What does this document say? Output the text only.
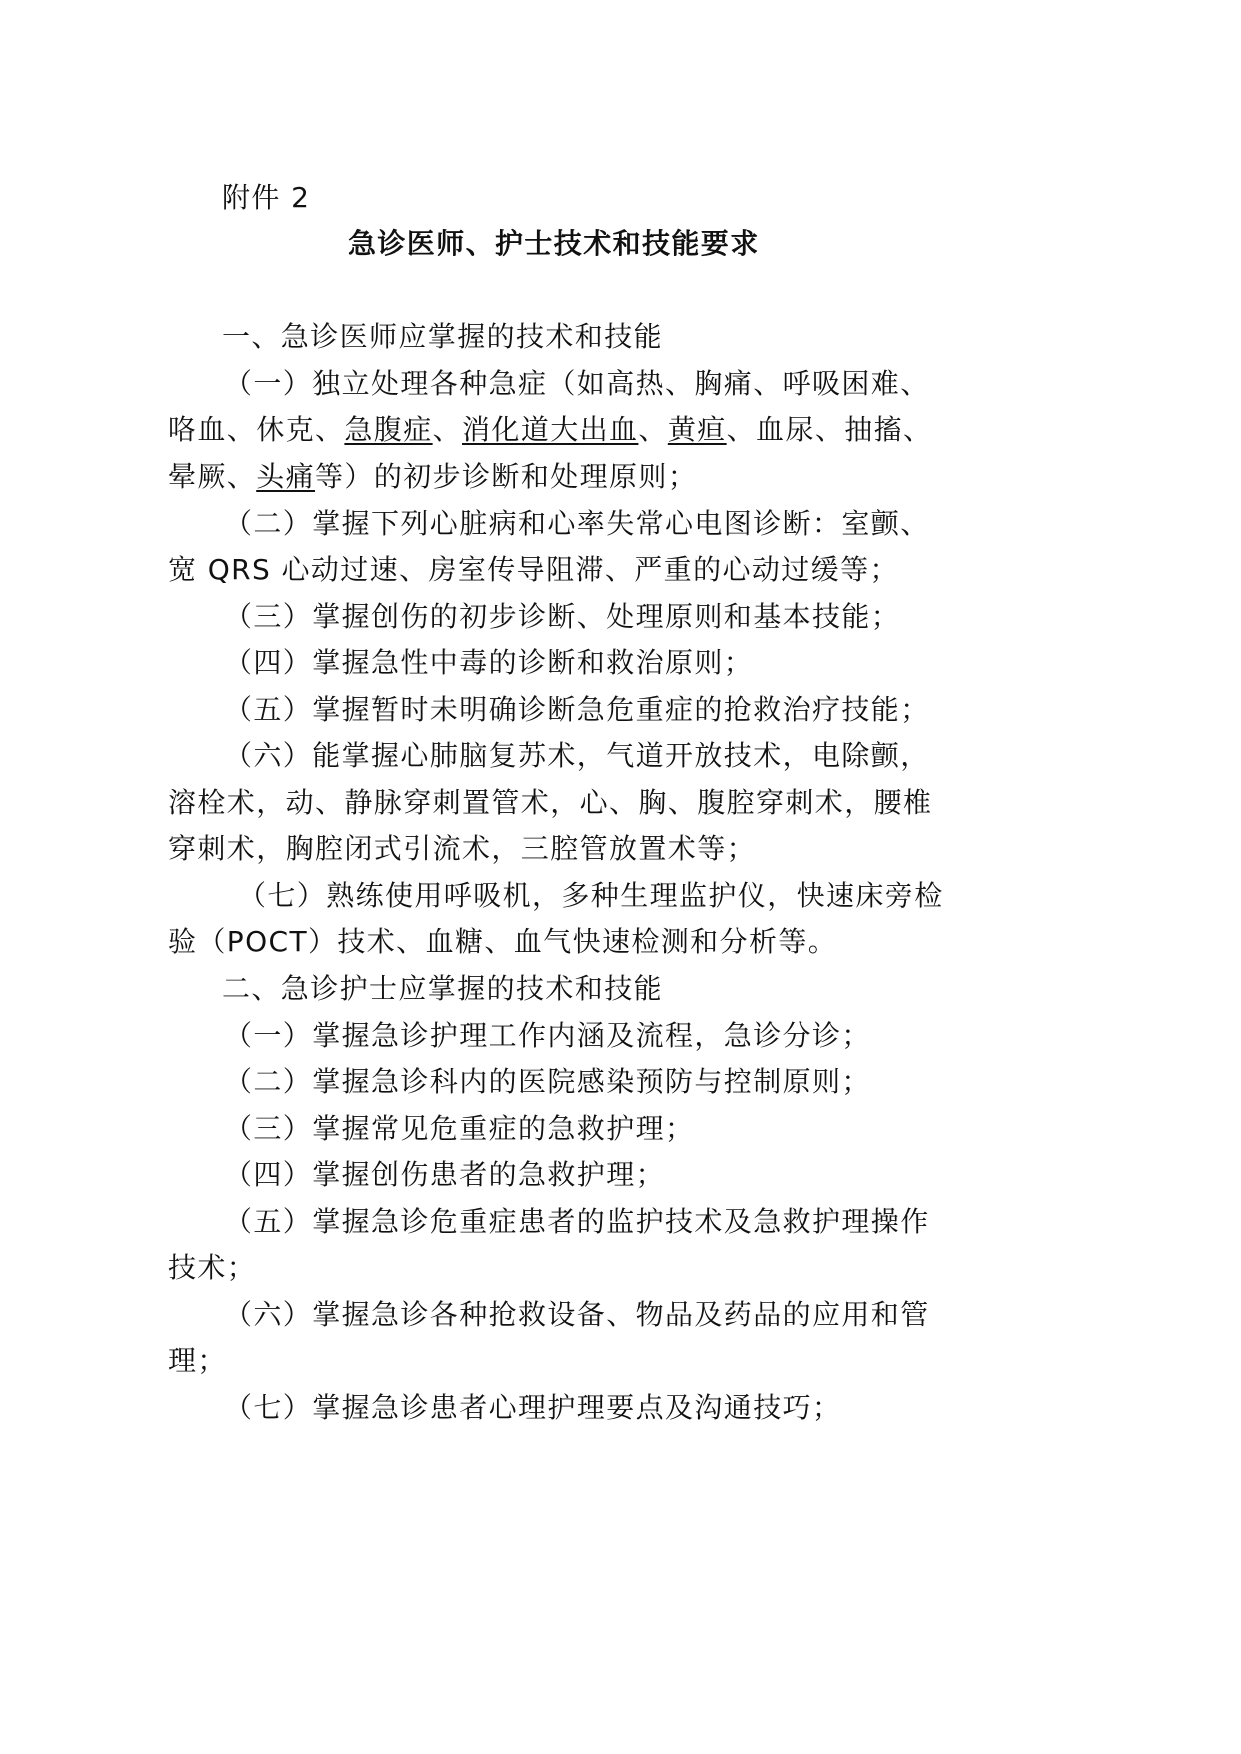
附件 2
急诊医师、护士技术和技能要求
一、急诊医师应掌握的技术和技能
（一）独立处理各种急症（如高热、胸痛、呼吸困难、
咯血、休克、急腹症、消化道大出血、黄疸、血尿、抽搐、
晕厥、头痛等）的初步诊断和处理原则；
（二）掌握下列心脏病和心率失常心电图诊断：室颤、
宽 QRS 心动过速、房室传导阻滞、严重的心动过缓等；
（三）掌握创伤的初步诊断、处理原则和基本技能；
（四）掌握急性中毒的诊断和救治原则；
（五）掌握暂时未明确诊断急危重症的抢救治疗技能；
（六）能掌握心肺脑复苏术，气道开放技术，电除颤，
溶栓术，动、静脉穿刺置管术，心、胸、腹腔穿刺术，腰椎
穿刺术，胸腔闭式引流术，三腔管放置术等；
（七）熟练使用呼吸机，多种生理监护仪，快速床旁检
验（POCT）技术、血糖、血气快速检测和分析等。
二、急诊护士应掌握的技术和技能
（一）掌握急诊护理工作内涵及流程，急诊分诊；
（二）掌握急诊科内的医院感染预防与控制原则；
（三）掌握常见危重症的急救护理；
（四）掌握创伤患者的急救护理；
（五）掌握急诊危重症患者的监护技术及急救护理操作
技术；
（六）掌握急诊各种抢救设备、物品及药品的应用和管
理；
（七）掌握急诊患者心理护理要点及沟通技巧；
